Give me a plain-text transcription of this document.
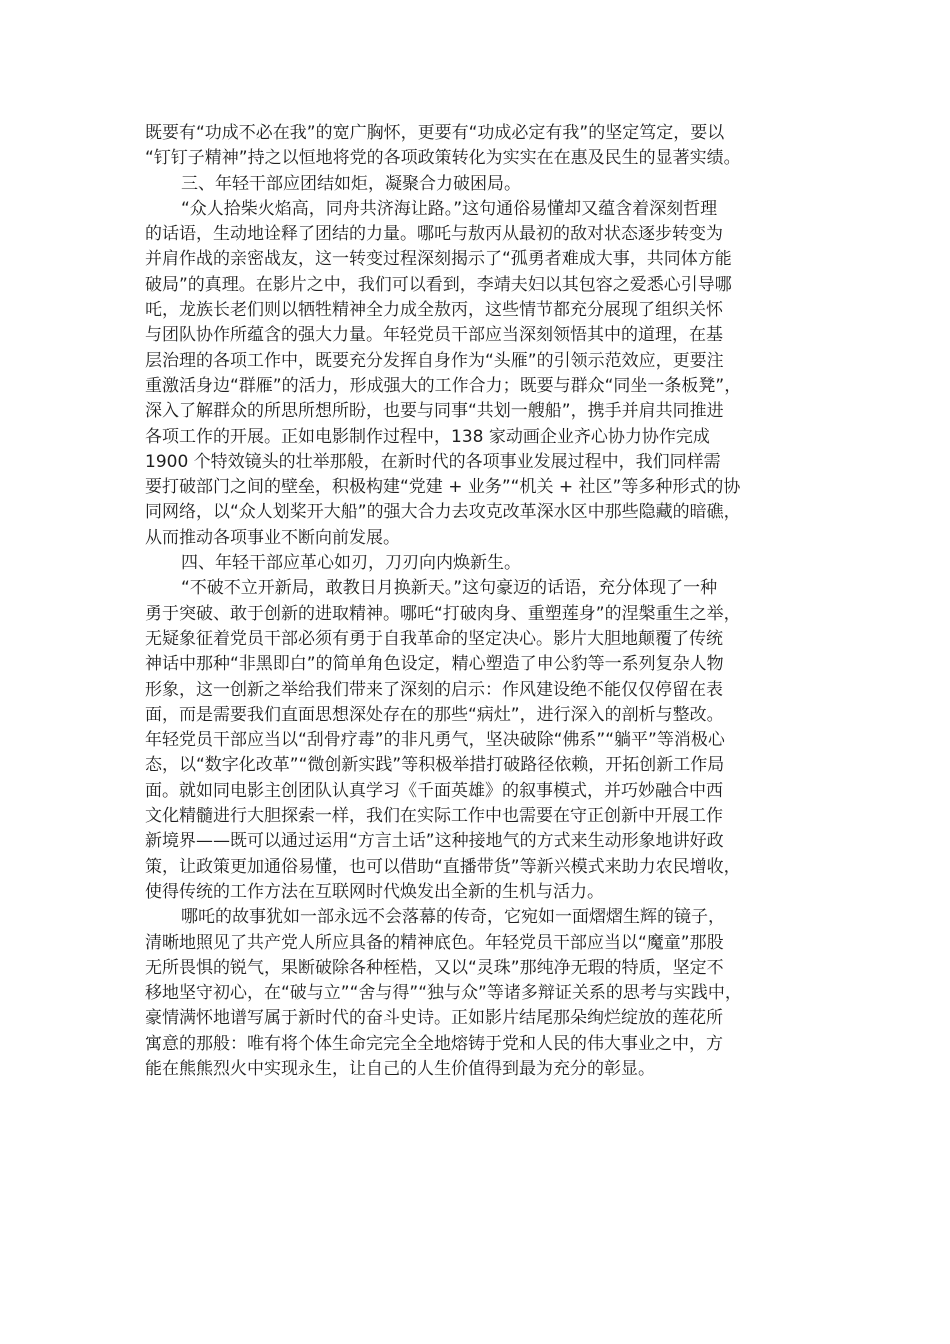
既要有“功成不必在我”的宽广胸怀，更要有“功成必定有我”的坚定笃定，要以
“钉钉子精神”持之以恒地将党的各项政策转化为实实在在惠及民生的显著实绩。
三、年轻干部应团结如炬，凝聚合力破困局。
“众人拾柴火焰高，同舟共济海让路。”这句通俗易懂却又蕴含着深刻哲理
的话语，生动地诠释了团结的力量。哪吒与敖丙从最初的敌对状态逐步转变为
并肩作战的亲密战友，这一转变过程深刻揭示了“孤勇者难成大事，共同体方能
破局”的真理。在影片之中，我们可以看到，李靖夫妇以其包容之爱悉心引导哪
吒，龙族长老们则以牺牲精神全力成全敖丙，这些情节都充分展现了组织关怀
与团队协作所蕴含的强大力量。年轻党员干部应当深刻领悟其中的道理，在基
层治理的各项工作中，既要充分发挥自身作为“头雁”的引领示范效应，更要注
重激活身边“群雁”的活力，形成强大的工作合力；既要与群众“同坐一条板凳”，
深入了解群众的所思所想所盼，也要与同事“共划一艘船”，携手并肩共同推进
各项工作的开展。正如电影制作过程中，138 家动画企业齐心协力协作完成
1900 个特效镜头的壮举那般，在新时代的各项事业发展过程中，我们同样需
要打破部门之间的壁垒，积极构建“党建 + 业务”“机关 + 社区”等多种形式的协
同网络，以“众人划桨开大船”的强大合力去攻克改革深水区中那些隐藏的暗礁，
从而推动各项事业不断向前发展。
四、年轻干部应革心如刃，刀刃向内焕新生。
“不破不立开新局，敢教日月换新天。”这句豪迈的话语，充分体现了一种
勇于突破、敢于创新的进取精神。哪吒“打破肉身、重塑莲身”的涅槃重生之举，
无疑象征着党员干部必须有勇于自我革命的坚定决心。影片大胆地颠覆了传统
神话中那种“非黑即白”的简单角色设定，精心塑造了申公豹等一系列复杂人物
形象，这一创新之举给我们带来了深刻的启示：作风建设绝不能仅仅停留在表
面，而是需要我们直面思想深处存在的那些“病灶”，进行深入的剖析与整改。
年轻党员干部应当以“刮骨疗毒”的非凡勇气，坚决破除“佛系”“躺平”等消极心
态，以“数字化改革”“微创新实践”等积极举措打破路径依赖，开拓创新工作局
面。就如同电影主创团队认真学习《千面英雄》的叙事模式，并巧妙融合中西
文化精髓进行大胆探索一样，我们在实际工作中也需要在守正创新中开展工作
新境界——既可以通过运用“方言土话”这种接地气的方式来生动形象地讲好政
策，让政策更加通俗易懂，也可以借助“直播带货”等新兴模式来助力农民增收，
使得传统的工作方法在互联网时代焕发出全新的生机与活力。
哪吒的故事犹如一部永远不会落幕的传奇，它宛如一面熠熠生辉的镜子，
清晰地照见了共产党人所应具备的精神底色。年轻党员干部应当以“魔童”那股
无所畏惧的锐气，果断破除各种桎梏，又以“灵珠”那纯净无瑕的特质，坚定不
移地坚守初心，在“破与立”“舍与得”“独与众”等诸多辩证关系的思考与实践中，
豪情满怀地谱写属于新时代的奋斗史诗。正如影片结尾那朵绚烂绽放的莲花所
寓意的那般：唯有将个体生命完完全全地熔铸于党和人民的伟大事业之中，方
能在熊熊烈火中实现永生，让自己的人生价值得到最为充分的彰显。
